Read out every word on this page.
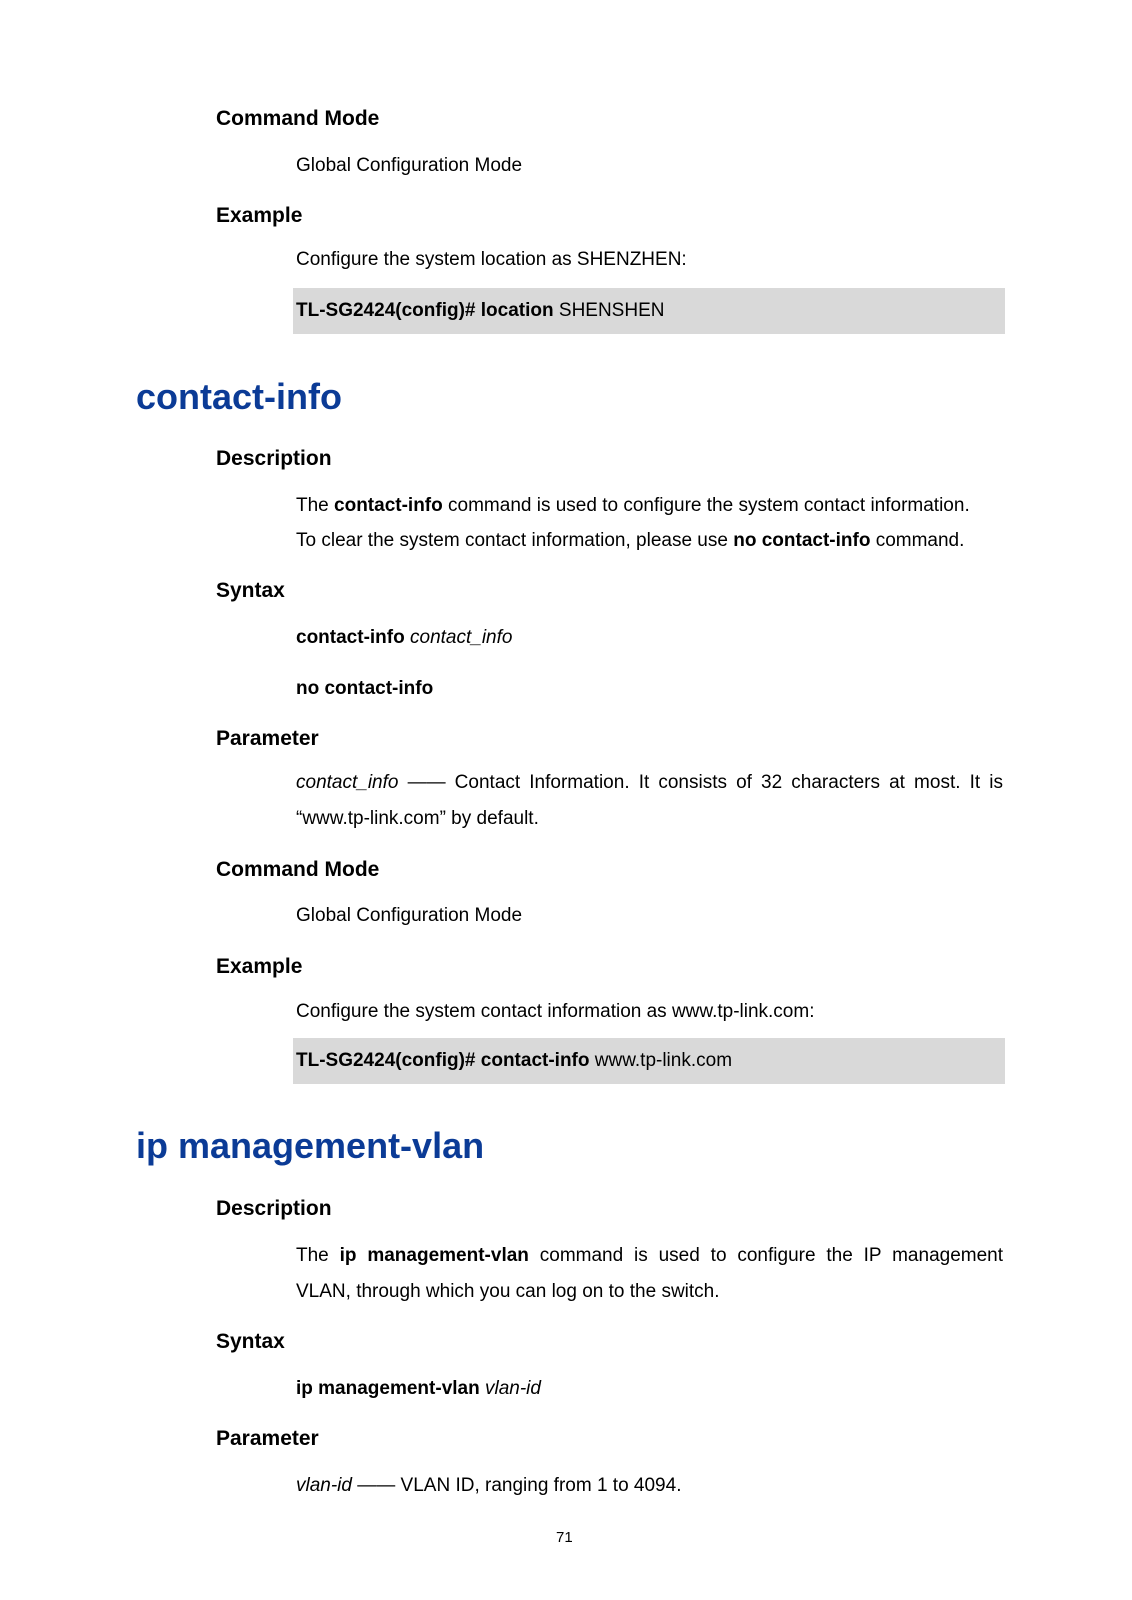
Command Mode
Global Configuration Mode
Example
Configure the system location as SHENZHEN:
TL-SG2424(config)# location SHENSHEN
contact-info
Description
The contact-info command is used to configure the system contact information.
To clear the system contact information, please use no contact-info command.
Syntax
contact-info contact_info
no contact-info
Parameter
contact_info —— Contact Information. It consists of 32 characters at most. It is
“www.tp-link.com” by default.
Command Mode
Global Configuration Mode
Example
Configure the system contact information as www.tp-link.com:
TL-SG2424(config)# contact-info www.tp-link.com
ip management-vlan
Description
The ip management-vlan command is used to configure the IP management
VLAN, through which you can log on to the switch.
Syntax
ip management-vlan vlan-id
Parameter
vlan-id —— VLAN ID, ranging from 1 to 4094.
71
